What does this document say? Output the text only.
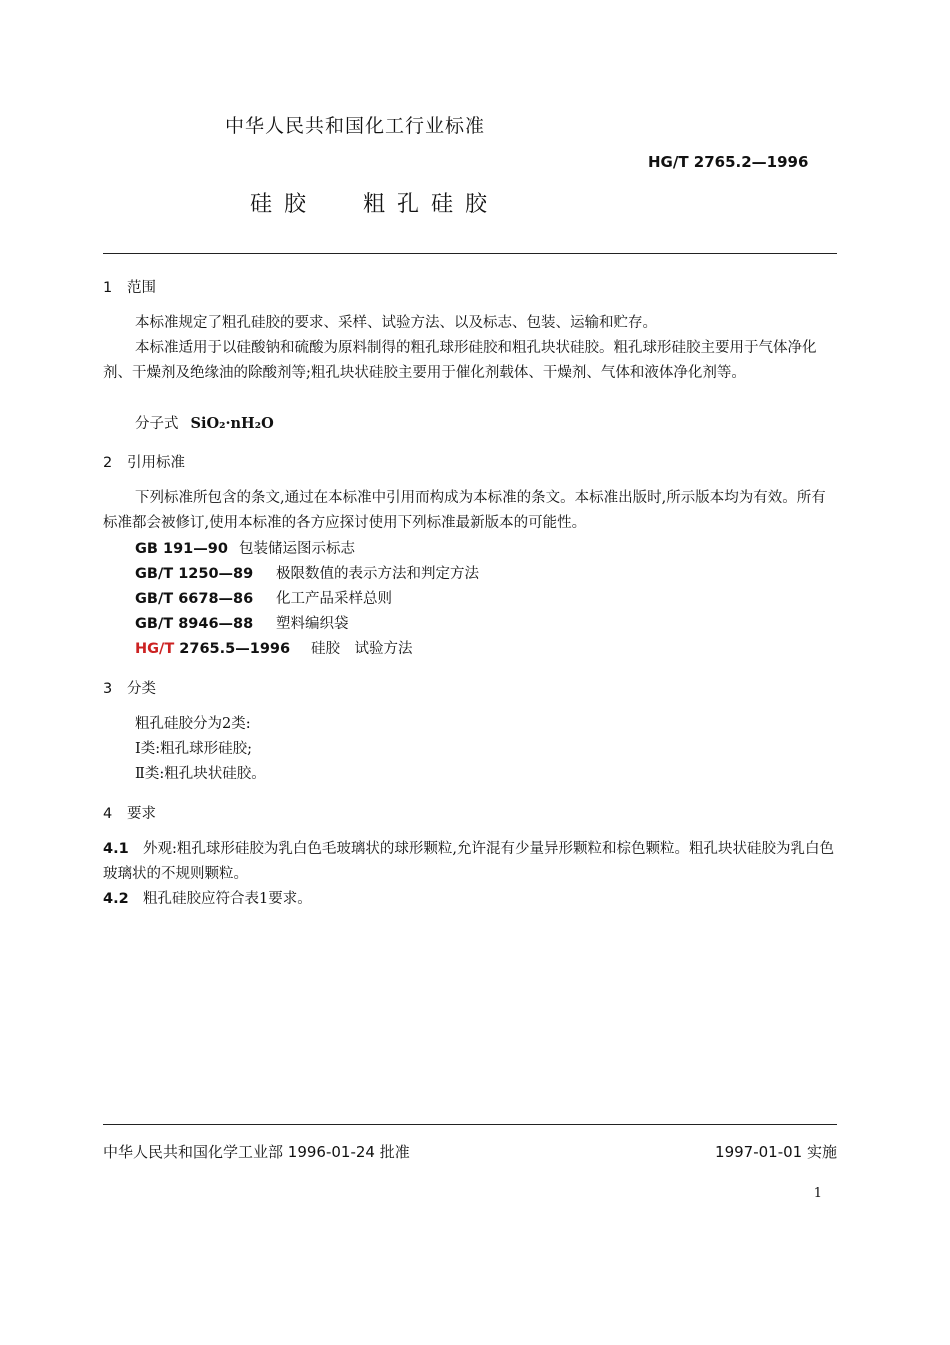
中华人民共和国化工行业标准
HG/T 2765.2—1996
硅胶 粗孔硅胶
1 范围
本标准规定了粗孔硅胶的要求、采样、试验方法、以及标志、包装、运输和贮存。
本标准适用于以硅酸钠和硫酸为原料制得的粗孔球形硅胶和粗孔块状硅胶。粗孔球形硅胶主要用于气体净化剂、干燥剂及绝缘油的除酸剂等;粗孔块状硅胶主要用于催化剂载体、干燥剂、气体和液体净化剂等。
分子式 SiO₂·nH₂O
2 引用标准
下列标准所包含的条文,通过在本标准中引用而构成为本标准的条文。本标准出版时,所示版本均为有效。所有标准都会被修订,使用本标准的各方应探讨使用下列标准最新版本的可能性。
GB 191—90 包装储运图示标志
GB/T 1250—89 极限数值的表示方法和判定方法
GB/T 6678—86 化工产品采样总则
GB/T 8946—88 塑料编织袋
HG/T 2765.5—1996 硅胶　试验方法
3 分类
粗孔硅胶分为2类:
Ⅰ类:粗孔球形硅胶;
Ⅱ类:粗孔块状硅胶。
4 要求
4.1 外观:粗孔球形硅胶为乳白色毛玻璃状的球形颗粒,允许混有少量异形颗粒和棕色颗粒。粗孔块状硅胶为乳白色玻璃状的不规则颗粒。
4.2 粗孔硅胶应符合表1要求。
中华人民共和国化学工业部 1996-01-24 批准	1997-01-01 实施
1
